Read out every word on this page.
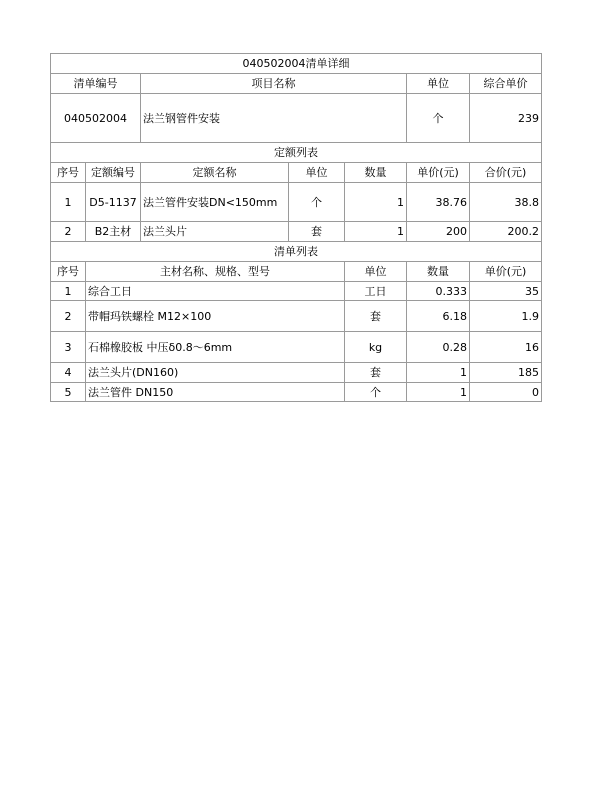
040502004清单详细							
清单编号		项目名称			单位	综合单价	
040502004		法兰钢管件安装			个	239	
定额列表							
序号	定额编号	定额名称	单位	数量	单价(元)	合价(元)	
1	D5-1137	法兰管件安装DN<150mm	个	1	38.76	38.8	
2	B2主材	法兰头片	套	1	200	200.2	
清单列表							
序号	主材名称、规格、型号			单位	数量	单价(元)	
1	综合工日			工日	0.333	35	
2	带帽玛铁螺栓 M12×100			套	6.18	1.9	
3	石棉橡胶板 中压δ0.8～6mm			kg	0.28	16	
4	法兰头片(DN160)			套	1	185	
5	法兰管件 DN150			个	1	0	
